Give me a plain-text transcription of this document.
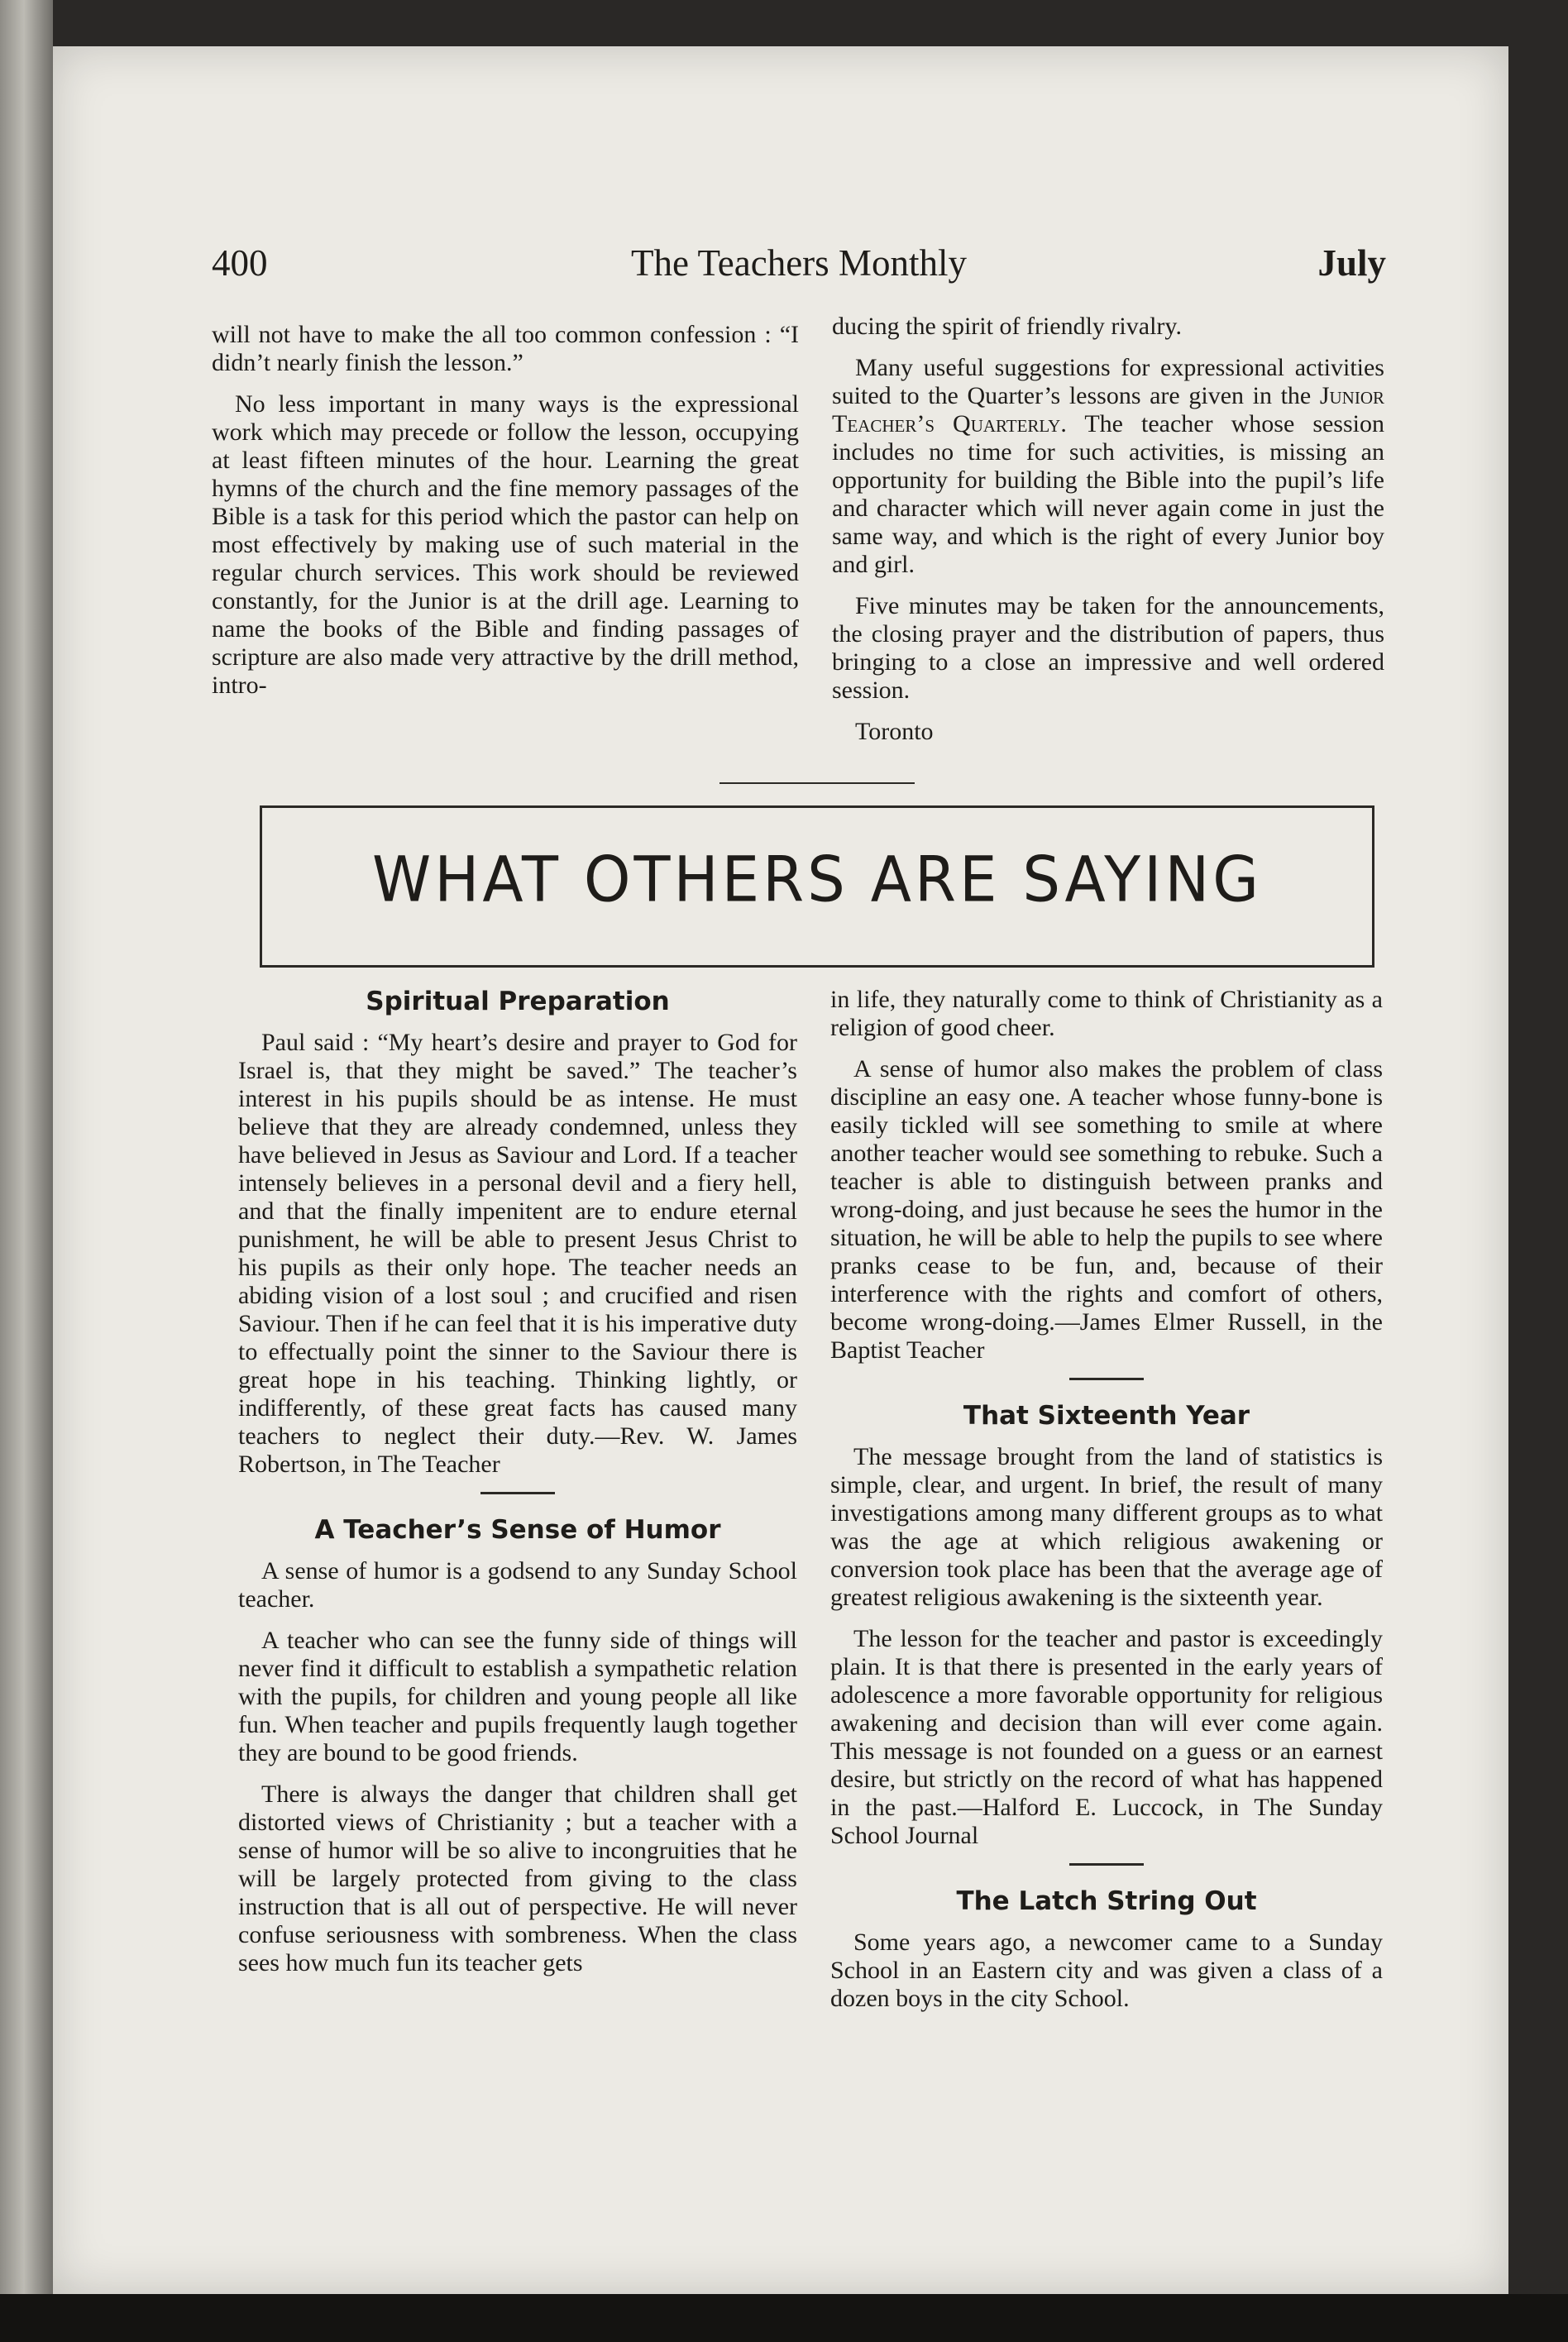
400	The Teachers Monthly	July

will not have to make the all too common confession : “I didn’t nearly finish the lesson.”

No less important in many ways is the expressional work which may precede or follow the lesson, occupying at least fifteen minutes of the hour. Learning the great hymns of the church and the fine memory passages of the Bible is a task for this period which the pastor can help on most effectively by making use of such material in the regular church services. This work should be reviewed constantly, for the Junior is at the drill age. Learning to name the books of the Bible and finding passages of scripture are also made very attractive by the drill method, intro-

ducing the spirit of friendly rivalry.

Many useful suggestions for expressional activities suited to the Quarter’s lessons are given in the Junior Teacher’s Quarterly. The teacher whose session includes no time for such activities, is missing an opportunity for building the Bible into the pupil’s life and character which will never again come in just the same way, and which is the right of every Junior boy and girl.

Five minutes may be taken for the announcements, the closing prayer and the distribution of papers, thus bringing to a close an impressive and well ordered session.

Toronto

WHAT OTHERS ARE SAYING

Spiritual Preparation

Paul said : “My heart’s desire and prayer to God for Israel is, that they might be saved.” The teacher’s interest in his pupils should be as intense. He must believe that they are already condemned, unless they have believed in Jesus as Saviour and Lord. If a teacher intensely believes in a personal devil and a fiery hell, and that the finally impenitent are to endure eternal punishment, he will be able to present Jesus Christ to his pupils as their only hope. The teacher needs an abiding vision of a lost soul ; and crucified and risen Saviour. Then if he can feel that it is his imperative duty to effectually point the sinner to the Saviour there is great hope in his teaching. Thinking lightly, or indifferently, of these great facts has caused many teachers to neglect their duty.—Rev. W. James Robertson, in The Teacher

A Teacher’s Sense of Humor

A sense of humor is a godsend to any Sunday School teacher.

A teacher who can see the funny side of things will never find it difficult to establish a sympathetic relation with the pupils, for children and young people all like fun. When teacher and pupils frequently laugh together they are bound to be good friends.

There is always the danger that children shall get distorted views of Christianity ; but a teacher with a sense of humor will be so alive to incongruities that he will be largely protected from giving to the class instruction that is all out of perspective. He will never confuse seriousness with sombreness. When the class sees how much fun its teacher gets

in life, they naturally come to think of Christianity as a religion of good cheer.

A sense of humor also makes the problem of class discipline an easy one. A teacher whose funny-bone is easily tickled will see something to smile at where another teacher would see something to rebuke. Such a teacher is able to distinguish between pranks and wrong-doing, and just because he sees the humor in the situation, he will be able to help the pupils to see where pranks cease to be fun, and, because of their interference with the rights and comfort of others, become wrong-doing.—James Elmer Russell, in the Baptist Teacher

That Sixteenth Year

The message brought from the land of statistics is simple, clear, and urgent. In brief, the result of many investigations among many different groups as to what was the age at which religious awakening or conversion took place has been that the average age of greatest religious awakening is the sixteenth year.

The lesson for the teacher and pastor is exceedingly plain. It is that there is presented in the early years of adolescence a more favorable opportunity for religious awakening and decision than will ever come again. This message is not founded on a guess or an earnest desire, but strictly on the record of what has happened in the past.—Halford E. Luccock, in The Sunday School Journal

The Latch String Out

Some years ago, a newcomer came to a Sunday School in an Eastern city and was given a class of a dozen boys in the city School.
